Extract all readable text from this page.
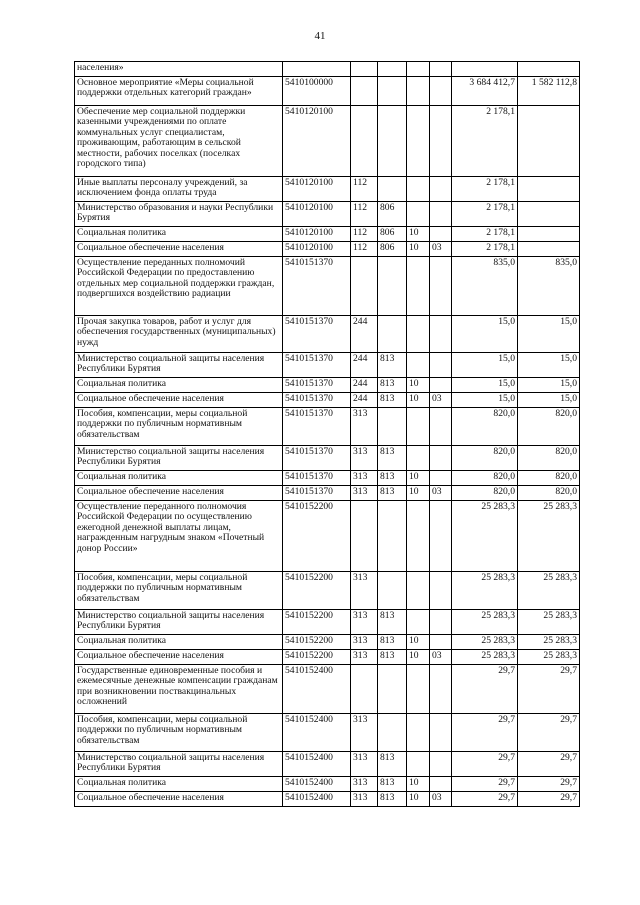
41
населения»							
Основное мероприятие «Меры социальной поддержки отдельных категорий граждан»	5410100000					3 684 412,7	1 582 112,8
Обеспечение мер социальной поддержки казенными учреждениями по оплате коммунальных услуг специалистам, проживающим, работающим в сельской местности, рабочих поселках (поселках городского типа)	5410120100					2 178,1	
Иные выплаты персоналу учреждений, за исключением фонда оплаты труда	5410120100	112				2 178,1	
Министерство образования и науки Республики Бурятия	5410120100	112	806			2 178,1	
Социальная политика	5410120100	112	806	10		2 178,1	
Социальное обеспечение населения	5410120100	112	806	10	03	2 178,1	
Осуществление переданных полномочий Российской Федерации по предоставлению отдельных мер социальной поддержки граждан, подвергшихся воздействию радиации	5410151370					835,0	835,0
Прочая закупка товаров, работ и услуг для обеспечения государственных (муниципальных) нужд	5410151370	244				15,0	15,0
Министерство социальной защиты населения Республики Бурятия	5410151370	244	813			15,0	15,0
Социальная политика	5410151370	244	813	10		15,0	15,0
Социальное обеспечение населения	5410151370	244	813	10	03	15,0	15,0
Пособия, компенсации, меры социальной поддержки по публичным нормативным обязательствам	5410151370	313				820,0	820,0
Министерство социальной защиты населения Республики Бурятия	5410151370	313	813			820,0	820,0
Социальная политика	5410151370	313	813	10		820,0	820,0
Социальное обеспечение населения	5410151370	313	813	10	03	820,0	820,0
Осуществление переданного полномочия Российской Федерации по осуществлению ежегодной денежной выплаты лицам, награжденным нагрудным знаком «Почетный донор России»	5410152200					25 283,3	25 283,3
Пособия, компенсации, меры социальной поддержки по публичным нормативным обязательствам	5410152200	313				25 283,3	25 283,3
Министерство социальной защиты населения Республики Бурятия	5410152200	313	813			25 283,3	25 283,3
Социальная политика	5410152200	313	813	10		25 283,3	25 283,3
Социальное обеспечение населения	5410152200	313	813	10	03	25 283,3	25 283,3
Государственные единовременные пособия и ежемесячные денежные компенсации гражданам при возникновении поствакцинальных осложнений	5410152400					29,7	29,7
Пособия, компенсации, меры социальной поддержки по публичным нормативным обязательствам	5410152400	313				29,7	29,7
Министерство социальной защиты населения Республики Бурятия	5410152400	313	813			29,7	29,7
Социальная политика	5410152400	313	813	10		29,7	29,7
Социальное обеспечение населения	5410152400	313	813	10	03	29,7	29,7
